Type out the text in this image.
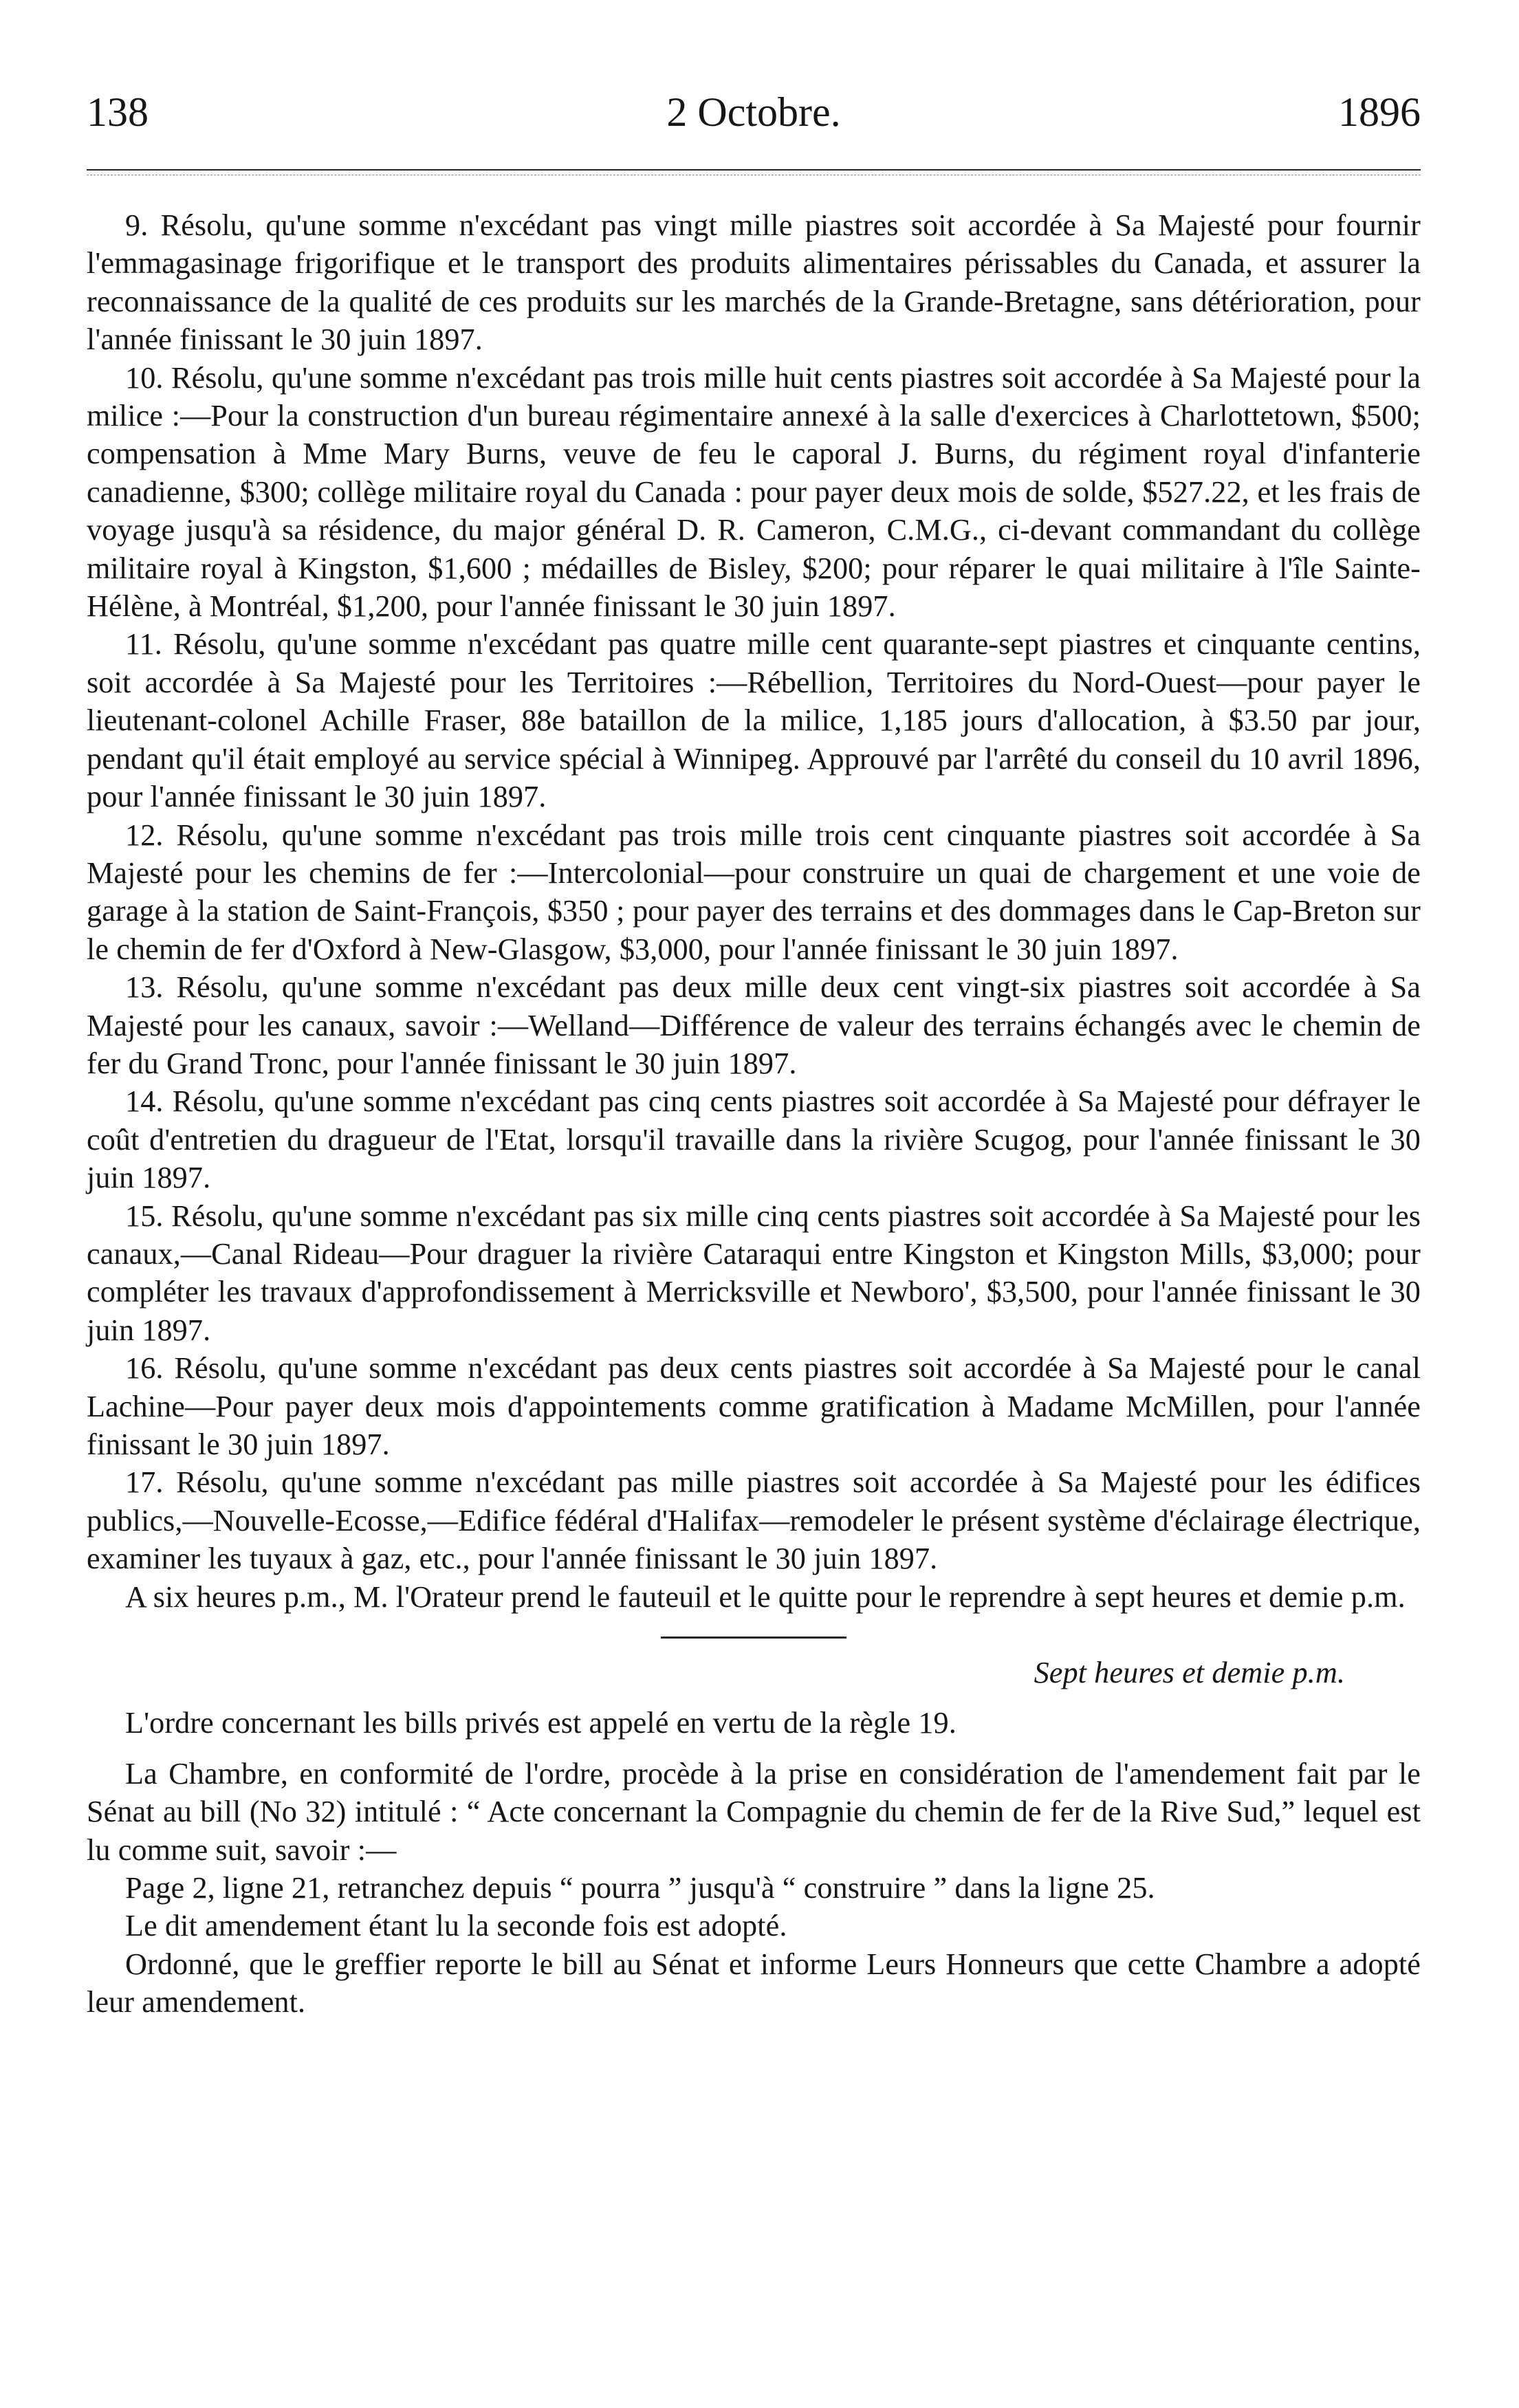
138	2 Octobre.	1896

9. Résolu, qu'une somme n'excédant pas vingt mille piastres soit accordée à Sa Majesté pour fournir l'emmagasinage frigorifique et le transport des produits alimentaires périssables du Canada, et assurer la reconnaissance de la qualité de ces produits sur les marchés de la Grande-Bretagne, sans détérioration, pour l'année finissant le 30 juin 1897.

10. Résolu, qu'une somme n'excédant pas trois mille huit cents piastres soit accordée à Sa Majesté pour la milice :—Pour la construction d'un bureau régimentaire annexé à la salle d'exercices à Charlottetown, $500; compensation à Mme Mary Burns, veuve de feu le caporal J. Burns, du régiment royal d'infanterie canadienne, $300; collège militaire royal du Canada : pour payer deux mois de solde, $527.22, et les frais de voyage jusqu'à sa résidence, du major général D. R. Cameron, C.M.G., ci-devant commandant du collège militaire royal à Kingston, $1,600 ; médailles de Bisley, $200; pour réparer le quai militaire à l'île Sainte-Hélène, à Montréal, $1,200, pour l'année finissant le 30 juin 1897.

11. Résolu, qu'une somme n'excédant pas quatre mille cent quarante-sept piastres et cinquante centins, soit accordée à Sa Majesté pour les Territoires :—Rébellion, Territoires du Nord-Ouest—pour payer le lieutenant-colonel Achille Fraser, 88e bataillon de la milice, 1,185 jours d'allocation, à $3.50 par jour, pendant qu'il était employé au service spécial à Winnipeg. Approuvé par l'arrêté du conseil du 10 avril 1896, pour l'année finissant le 30 juin 1897.

12. Résolu, qu'une somme n'excédant pas trois mille trois cent cinquante piastres soit accordée à Sa Majesté pour les chemins de fer :—Intercolonial—pour construire un quai de chargement et une voie de garage à la station de Saint-François, $350 ; pour payer des terrains et des dommages dans le Cap-Breton sur le chemin de fer d'Oxford à New-Glasgow, $3,000, pour l'année finissant le 30 juin 1897.

13. Résolu, qu'une somme n'excédant pas deux mille deux cent vingt-six piastres soit accordée à Sa Majesté pour les canaux, savoir :—Welland—Différence de valeur des terrains échangés avec le chemin de fer du Grand Tronc, pour l'année finissant le 30 juin 1897.

14. Résolu, qu'une somme n'excédant pas cinq cents piastres soit accordée à Sa Majesté pour défrayer le coût d'entretien du dragueur de l'Etat, lorsqu'il travaille dans la rivière Scugog, pour l'année finissant le 30 juin 1897.

15. Résolu, qu'une somme n'excédant pas six mille cinq cents piastres soit accordée à Sa Majesté pour les canaux,—Canal Rideau—Pour draguer la rivière Cataraqui entre Kingston et Kingston Mills, $3,000; pour compléter les travaux d'approfondissement à Merricksville et Newboro', $3,500, pour l'année finissant le 30 juin 1897.

16. Résolu, qu'une somme n'excédant pas deux cents piastres soit accordée à Sa Majesté pour le canal Lachine—Pour payer deux mois d'appointements comme gratification à Madame McMillen, pour l'année finissant le 30 juin 1897.

17. Résolu, qu'une somme n'excédant pas mille piastres soit accordée à Sa Majesté pour les édifices publics,—Nouvelle-Ecosse,—Edifice fédéral d'Halifax—remodeler le présent système d'éclairage électrique, examiner les tuyaux à gaz, etc., pour l'année finissant le 30 juin 1897.

A six heures p.m., M. l'Orateur prend le fauteuil et le quitte pour le reprendre à sept heures et demie p.m.

Sept heures et demie p.m.

L'ordre concernant les bills privés est appelé en vertu de la règle 19.

La Chambre, en conformité de l'ordre, procède à la prise en considération de l'amendement fait par le Sénat au bill (No 32) intitulé : “ Acte concernant la Compagnie du chemin de fer de la Rive Sud,” lequel est lu comme suit, savoir :—

Page 2, ligne 21, retranchez depuis “ pourra ” jusqu'à “ construire ” dans la ligne 25.

Le dit amendement étant lu la seconde fois est adopté.

Ordonné, que le greffier reporte le bill au Sénat et informe Leurs Honneurs que cette Chambre a adopté leur amendement.
